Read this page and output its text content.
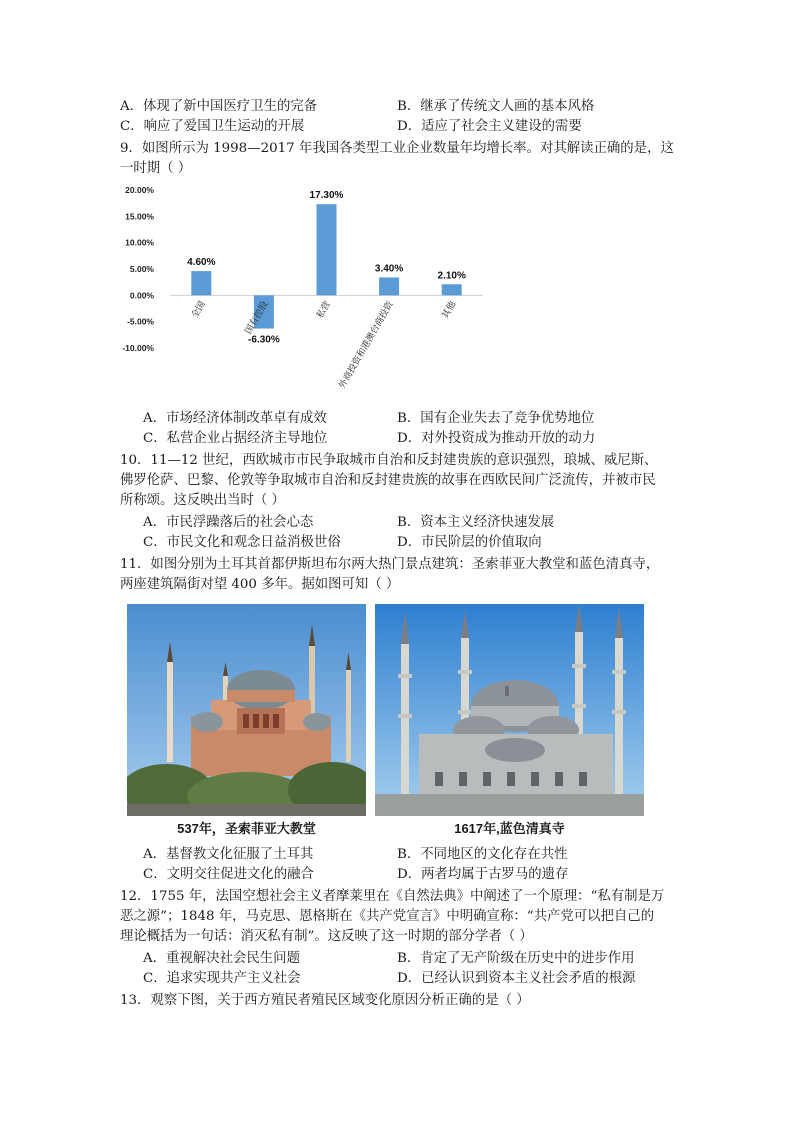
A．体现了新中国医疗卫生的完备	B．继承了传统文人画的基本风格
C．响应了爱国卫生运动的开展	D．适应了社会主义建设的需要
9．如图所示为 1998—2017 年我国各类型工业企业数量年均增长率。对其解读正确的是，这
一时期（ ）
20.00%
15.00%
10.00%
5.00%
0.00%
-5.00%
-10.00%
4.60%
-6.30%
17.30%
3.40%
2.10%
全国	国有控股	私营 外商投资和港澳台商投资	其他
A．市场经济体制改革卓有成效	B．国有企业失去了竞争优势地位
C．私营企业占据经济主导地位	D．对外投资成为推动开放的动力
10．11—12 世纪，西欧城市市民争取城市自治和反封建贵族的意识强烈，琅城、威尼斯、
佛罗伦萨、巴黎、伦敦等争取城市自治和反封建贵族的故事在西欧民间广泛流传，并被市民
所称颂。这反映出当时（ ）
A．市民浮躁落后的社会心态	B．资本主义经济快速发展
C．市民文化和观念日益消极世俗	D．市民阶层的价值取向
11．如图分别为土耳其首都伊斯坦布尔两大热门景点建筑：圣索菲亚大教堂和蓝色清真寺，
两座建筑隔街对望 400 多年。据如图可知（ ）
537年，圣索菲亚大教堂	1617年,蓝色清真寺
A．基督教文化征服了土耳其	B．不同地区的文化存在共性
C．文明交往促进文化的融合	D．两者均属于古罗马的遗存
12．1755 年，法国空想社会主义者摩莱里在《自然法典》中阐述了一个原理：“私有制是万
恶之源”；1848 年，马克思、恩格斯在《共产党宣言》中明确宣称：“共产党可以把自己的
理论概括为一句话：消灭私有制”。这反映了这一时期的部分学者（ ）
A．重视解决社会民生问题	B．肯定了无产阶级在历史中的进步作用
C．追求实现共产主义社会	D．已经认识到资本主义社会矛盾的根源
13．观察下图，关于西方殖民者殖民区域变化原因分析正确的是（ ）
